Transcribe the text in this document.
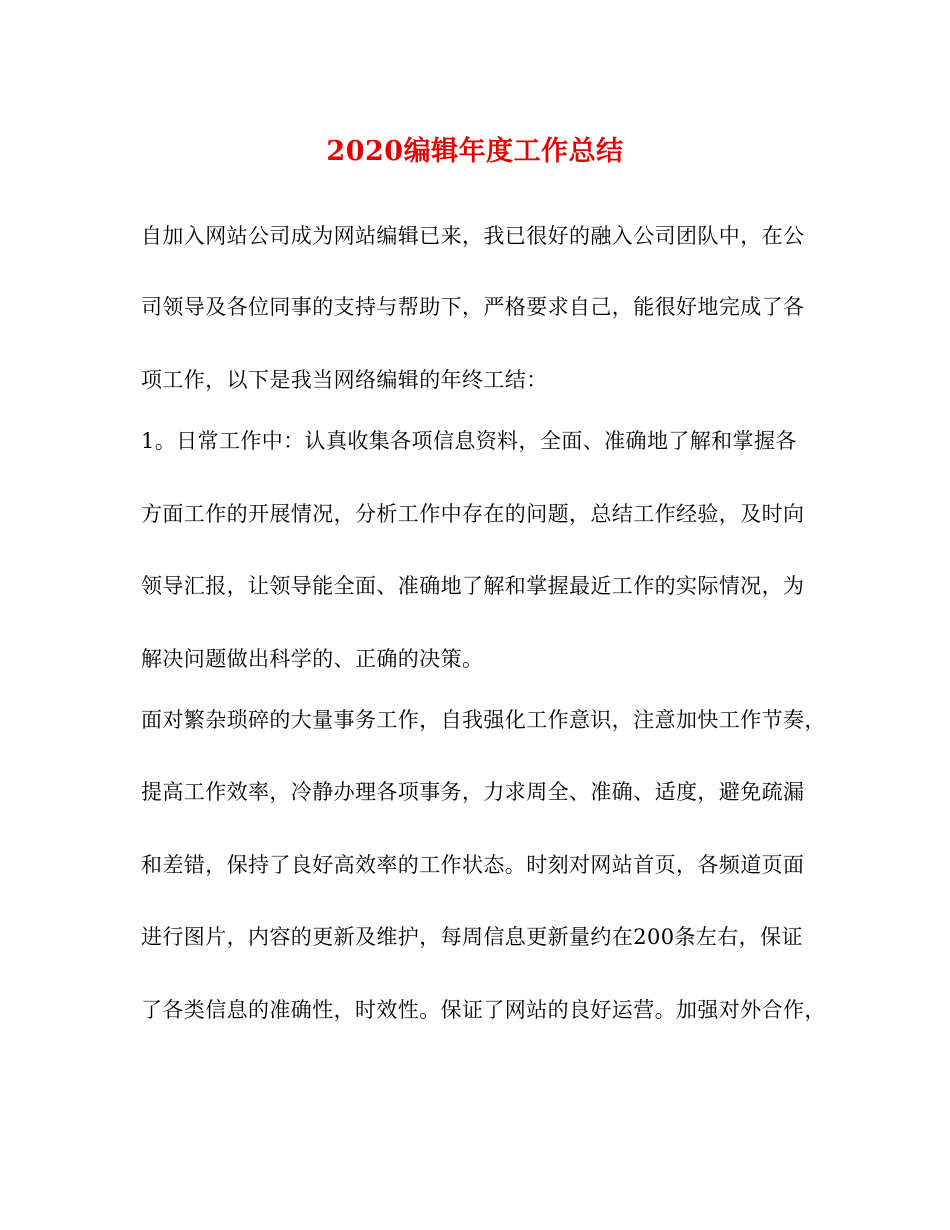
2020编辑年度工作总结
自加入网站公司成为网站编辑已来，我已很好的融入公司团队中，在公
司领导及各位同事的支持与帮助下，严格要求自己，能很好地完成了各
项工作，以下是我当网络编辑的年终工结：
1。日常工作中：认真收集各项信息资料，全面、准确地了解和掌握各
方面工作的开展情况，分析工作中存在的问题，总结工作经验，及时向
领导汇报，让领导能全面、准确地了解和掌握最近工作的实际情况，为
解决问题做出科学的、正确的决策。
面对繁杂琐碎的大量事务工作，自我强化工作意识，注意加快工作节奏，
提高工作效率，冷静办理各项事务，力求周全、准确、适度，避免疏漏
和差错，保持了良好高效率的工作状态。时刻对网站首页，各频道页面
进行图片，内容的更新及维护，每周信息更新量约在200条左右，保证
了各类信息的准确性，时效性。保证了网站的良好运营。加强对外合作，
